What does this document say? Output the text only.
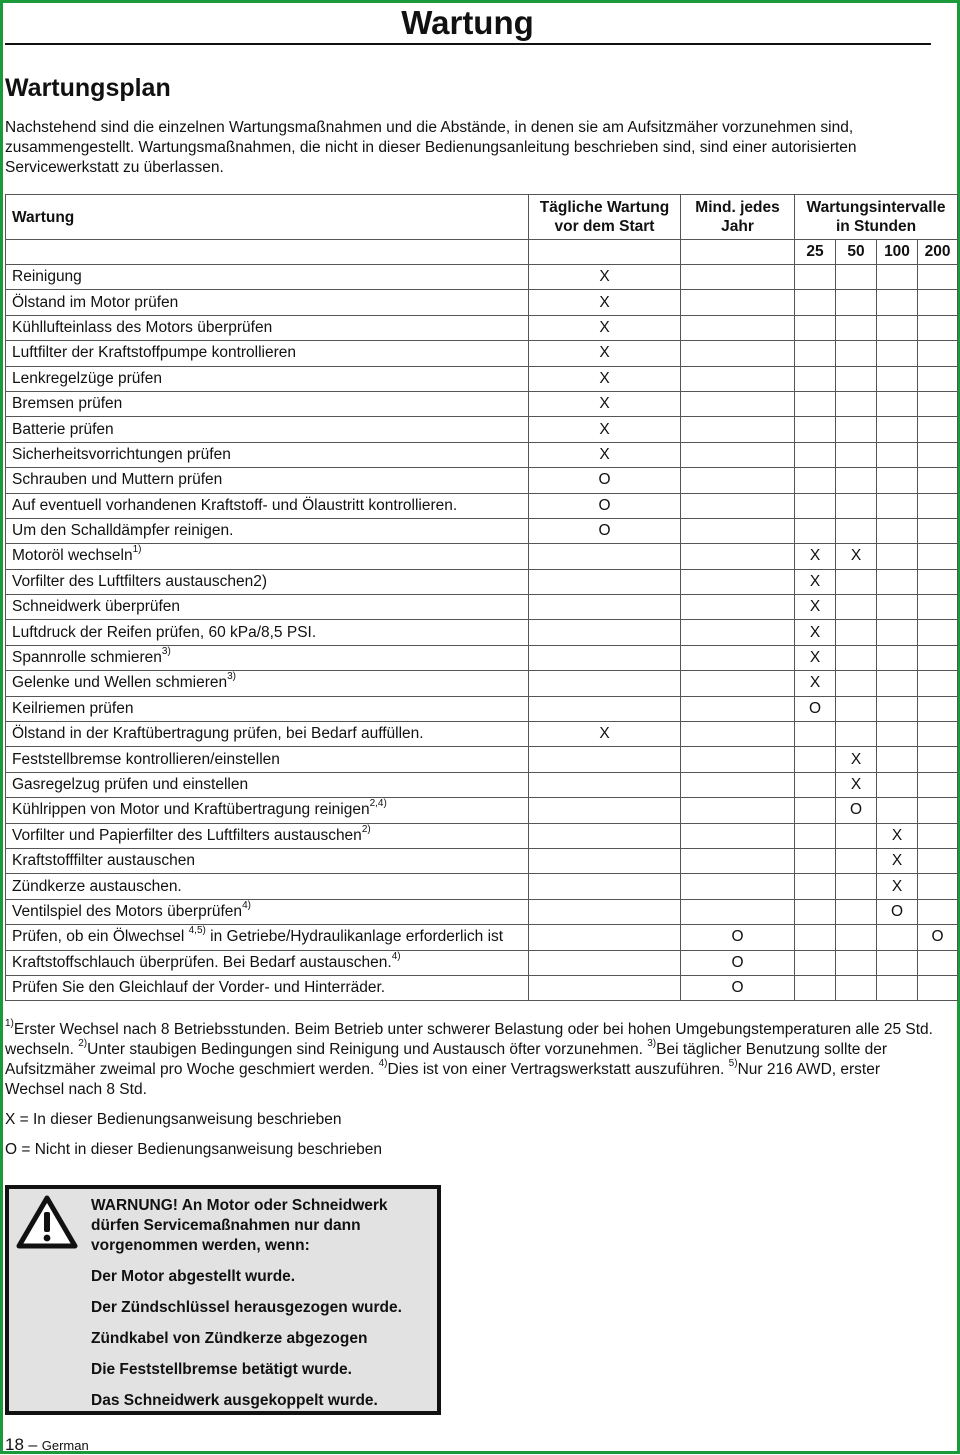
Wartung
Wartungsplan

Nachstehend sind die einzelnen Wartungsmaßnahmen und die Abstände, in denen sie am Aufsitzmäher vorzunehmen sind, zusammengestellt. Wartungsmaßnahmen, die nicht in dieser Bedienungsanleitung beschrieben sind, sind einer autorisierten Servicewerkstatt zu überlassen.

Wartung	Tägliche Wartung vor dem Start	Mind. jedes Jahr	Wartungsintervalle in Stunden			
			25	50	100	200
Reinigung	X					
Ölstand im Motor prüfen	X					
Kühllufteinlass des Motors überprüfen	X					
Luftfilter der Kraftstoffpumpe kontrollieren	X					
Lenkregelzüge prüfen	X					
Bremsen prüfen	X					
Batterie prüfen	X					
Sicherheitsvorrichtungen prüfen	X					
Schrauben und Muttern prüfen	O					
Auf eventuell vorhandenen Kraftstoff- und Ölaustritt kontrollieren.	O					
Um den Schalldämpfer reinigen.	O					
Motoröl wechseln$^{1)}$			X	X		
Vorfilter des Luftfilters austauschen2)			X			
Schneidwerk überprüfen			X			
Luftdruck der Reifen prüfen, 60 kPa/8,5 PSI.			X			
Spannrolle schmieren$^{3)}$			X			
Gelenke und Wellen schmieren$^{3)}$			X			
Keilriemen prüfen			O			
Ölstand in der Kraftübertragung prüfen, bei Bedarf auffüllen.	X					
Feststellbremse kontrollieren/einstellen				X		
Gasregelzug prüfen und einstellen				X		
Kühlrippen von Motor und Kraftübertragung reinigen$^{2,4)}$				O		
Vorfilter und Papierfilter des Luftfilters austauschen$^{2)}$					X	
Kraftstofffilter austauschen					X	
Zündkerze austauschen.					X	
Ventilspiel des Motors überprüfen$^{4)}$					O	
Prüfen, ob ein Ölwechsel $^{4,5)}$ in Getriebe/Hydraulikanlage erforderlich ist		O				O
Kraftstoffschlauch überprüfen. Bei Bedarf austauschen.$^{4)}$		O				
Prüfen Sie den Gleichlauf der Vorder- und Hinterräder.		O				

$^{1)}$Erster Wechsel nach 8 Betriebsstunden. Beim Betrieb unter schwerer Belastung oder bei hohen Umgebungstemperaturen alle 25 Std. wechseln. $^{2)}$Unter staubigen Bedingungen sind Reinigung und Austausch öfter vorzunehmen. $^{3)}$Bei täglicher Benutzung sollte der Aufsitzmäher zweimal pro Woche geschmiert werden. $^{4)}$Dies ist von einer Vertragswerkstatt auszuführen. $^{5)}$Nur 216 AWD, erster Wechsel nach 8 Std.

X = In dieser Bedienungsanweisung beschrieben

O = Nicht in dieser Bedienungsanweisung beschrieben

WARNUNG! An Motor oder Schneidwerk dürfen Servicemaßnahmen nur dann vorgenommen werden, wenn:

Der Motor abgestellt wurde.

Der Zündschlüssel herausgezogen wurde.

Zündkabel von Zündkerze abgezogen

Die Feststellbremse betätigt wurde.

Das Schneidwerk ausgekoppelt wurde.

18 – German
